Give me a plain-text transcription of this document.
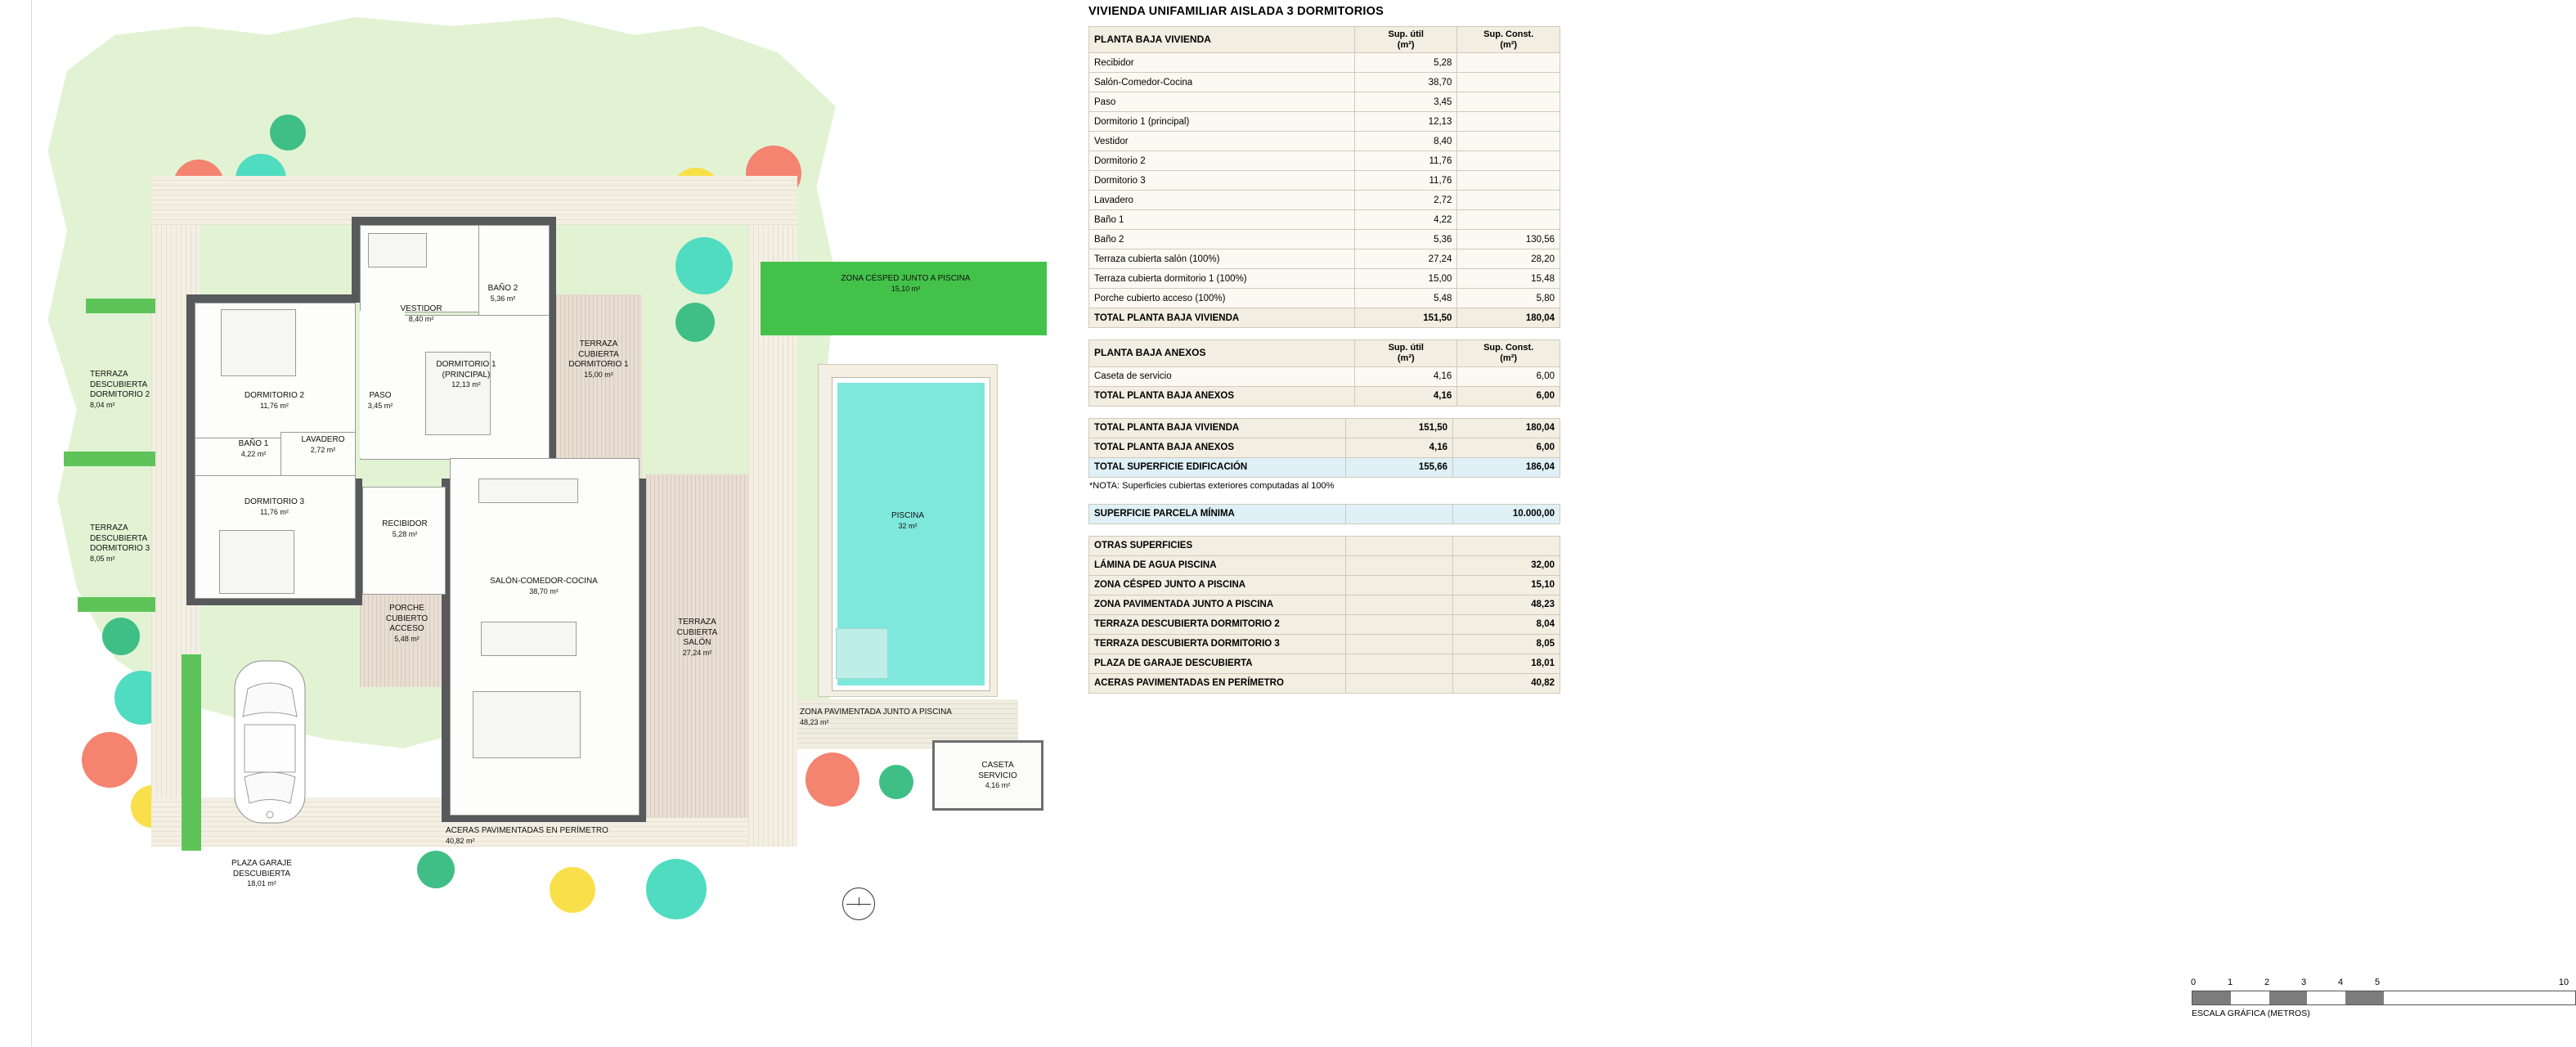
VESTIDOR
8,40 m²
BAÑO 2
5,36 m²
DORMITORIO 2
11,76 m²
PASO
3,45 m²
DORMITORIO 1
(PRINCIPAL)
12,13 m²
TERRAZA
CUBIERTA
DORMITORIO 1
15,00 m²
BAÑO 1
4,22 m²
LAVADERO
2,72 m²
DORMITORIO 3
11,76 m²
RECIBIDOR
5,28 m²
SALÓN-COMEDOR-COCINA
38,70 m²
PORCHE
CUBIERTO
ACCESO
5,48 m²
TERRAZA
CUBIERTA
SALÓN
27,24 m²
TERRAZA
DESCUBIERTA
DORMITORIO 2
8,04 m²
TERRAZA
DESCUBIERTA
DORMITORIO 3
8,05 m²
PLAZA GARAJE
DESCUBIERTA
18,01 m²
ACERAS PAVIMENTADAS EN PERÍMETRO
40,82 m²
ZONA CÉSPED JUNTO A PISCINA
15,10 m²
ZONA PAVIMENTADA JUNTO A PISCINA
48,23 m²
PISCINA
32 m²
CASETA
SERVICIO
4,16 m²
VIVIENDA UNIFAMILIAR AISLADA 3 DORMITORIOS
PLANTA BAJA VIVIENDA	Sup. útil
(m²)	Sup. Const.
(m²)
Recibidor	5,28	
Salón-Comedor-Cocina	38,70	
Paso	3,45	
Dormitorio 1 (principal)	12,13	
Vestidor	8,40	
Dormitorio 2	11,76	
Dormitorio 3	11,76	
Lavadero	2,72	
Baño 1	4,22	
Baño 2	5,36	130,56
Terraza cubierta salón (100%)	27,24	28,20
Terraza cubierta dormitorio 1 (100%)	15,00	15,48
Porche cubierto acceso (100%)	5,48	5,80
TOTAL PLANTA BAJA VIVIENDA	151,50	180,04
PLANTA BAJA ANEXOS	Sup. útil
(m²)	Sup. Const.
(m²)
Caseta de servicio	4,16	6,00
TOTAL PLANTA BAJA ANEXOS	4,16	6,00
TOTAL PLANTA BAJA VIVIENDA	151,50	180,04
TOTAL PLANTA BAJA ANEXOS	4,16	6,00
TOTAL SUPERFICIE EDIFICACIÓN	155,66	186,04
*NOTA: Superficies cubiertas exteriores computadas al 100%
SUPERFICIE PARCELA MÍNIMA		10.000,00
OTRAS SUPERFICIES		
LÁMINA DE AGUA PISCINA		32,00
ZONA CÉSPED JUNTO A PISCINA		15,10
ZONA PAVIMENTADA JUNTO A PISCINA		48,23
TERRAZA DESCUBIERTA DORMITORIO 2		8,04
TERRAZA DESCUBIERTA DORMITORIO 3		8,05
PLAZA DE GARAJE DESCUBIERTA		18,01
ACERAS PAVIMENTADAS EN PERÍMETRO		40,82
0	1	2	3	4	5	10
ESCALA GRÁFICA (METROS)
